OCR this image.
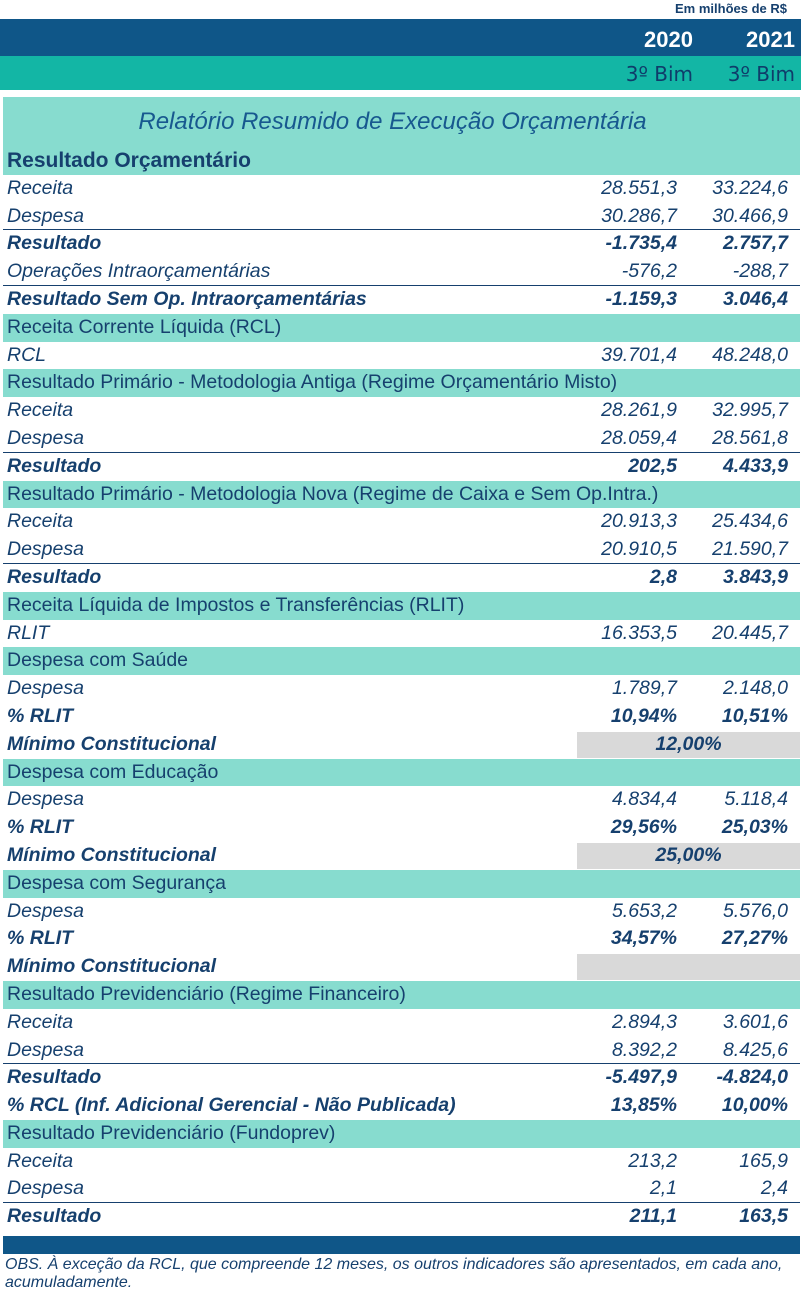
Em milhões de R$
2020	2021
3º Bim	3º Bim
Relatório Resumido de Execução Orçamentária
Resultado Orçamentário
Receita	28.551,3	33.224,6
Despesa	30.286,7	30.466,9
Resultado	-1.735,4	2.757,7
Operações Intraorçamentárias	-576,2	-288,7
Resultado Sem Op. Intraorçamentárias	-1.159,3	3.046,4
Receita Corrente Líquida (RCL)
RCL	39.701,4	48.248,0
Resultado Primário - Metodologia Antiga (Regime Orçamentário Misto)
Receita	28.261,9	32.995,7
Despesa	28.059,4	28.561,8
Resultado	202,5	4.433,9
Resultado Primário - Metodologia Nova (Regime de Caixa e Sem Op.Intra.)
Receita	20.913,3	25.434,6
Despesa	20.910,5	21.590,7
Resultado	2,8	3.843,9
Receita Líquida de Impostos e Transferências (RLIT)
RLIT	16.353,5	20.445,7
Despesa com Saúde
Despesa	1.789,7	2.148,0
% RLIT	10,94%	10,51%
Mínimo Constitucional	12,00%
Despesa com Educação
Despesa	4.834,4	5.118,4
% RLIT	29,56%	25,03%
Mínimo Constitucional	25,00%
Despesa com Segurança
Despesa	5.653,2	5.576,0
% RLIT	34,57%	27,27%
Mínimo Constitucional
Resultado Previdenciário (Regime Financeiro)
Receita	2.894,3	3.601,6
Despesa	8.392,2	8.425,6
Resultado	-5.497,9	-4.824,0
% RCL (Inf. Adicional Gerencial - Não Publicada)	13,85%	10,00%
Resultado Previdenciário (Fundoprev)
Receita	213,2	165,9
Despesa	2,1	2,4
Resultado	211,1	163,5
OBS. À exceção da RCL, que compreende 12 meses, os outros indicadores são apresentados, em cada ano, acumuladamente.
